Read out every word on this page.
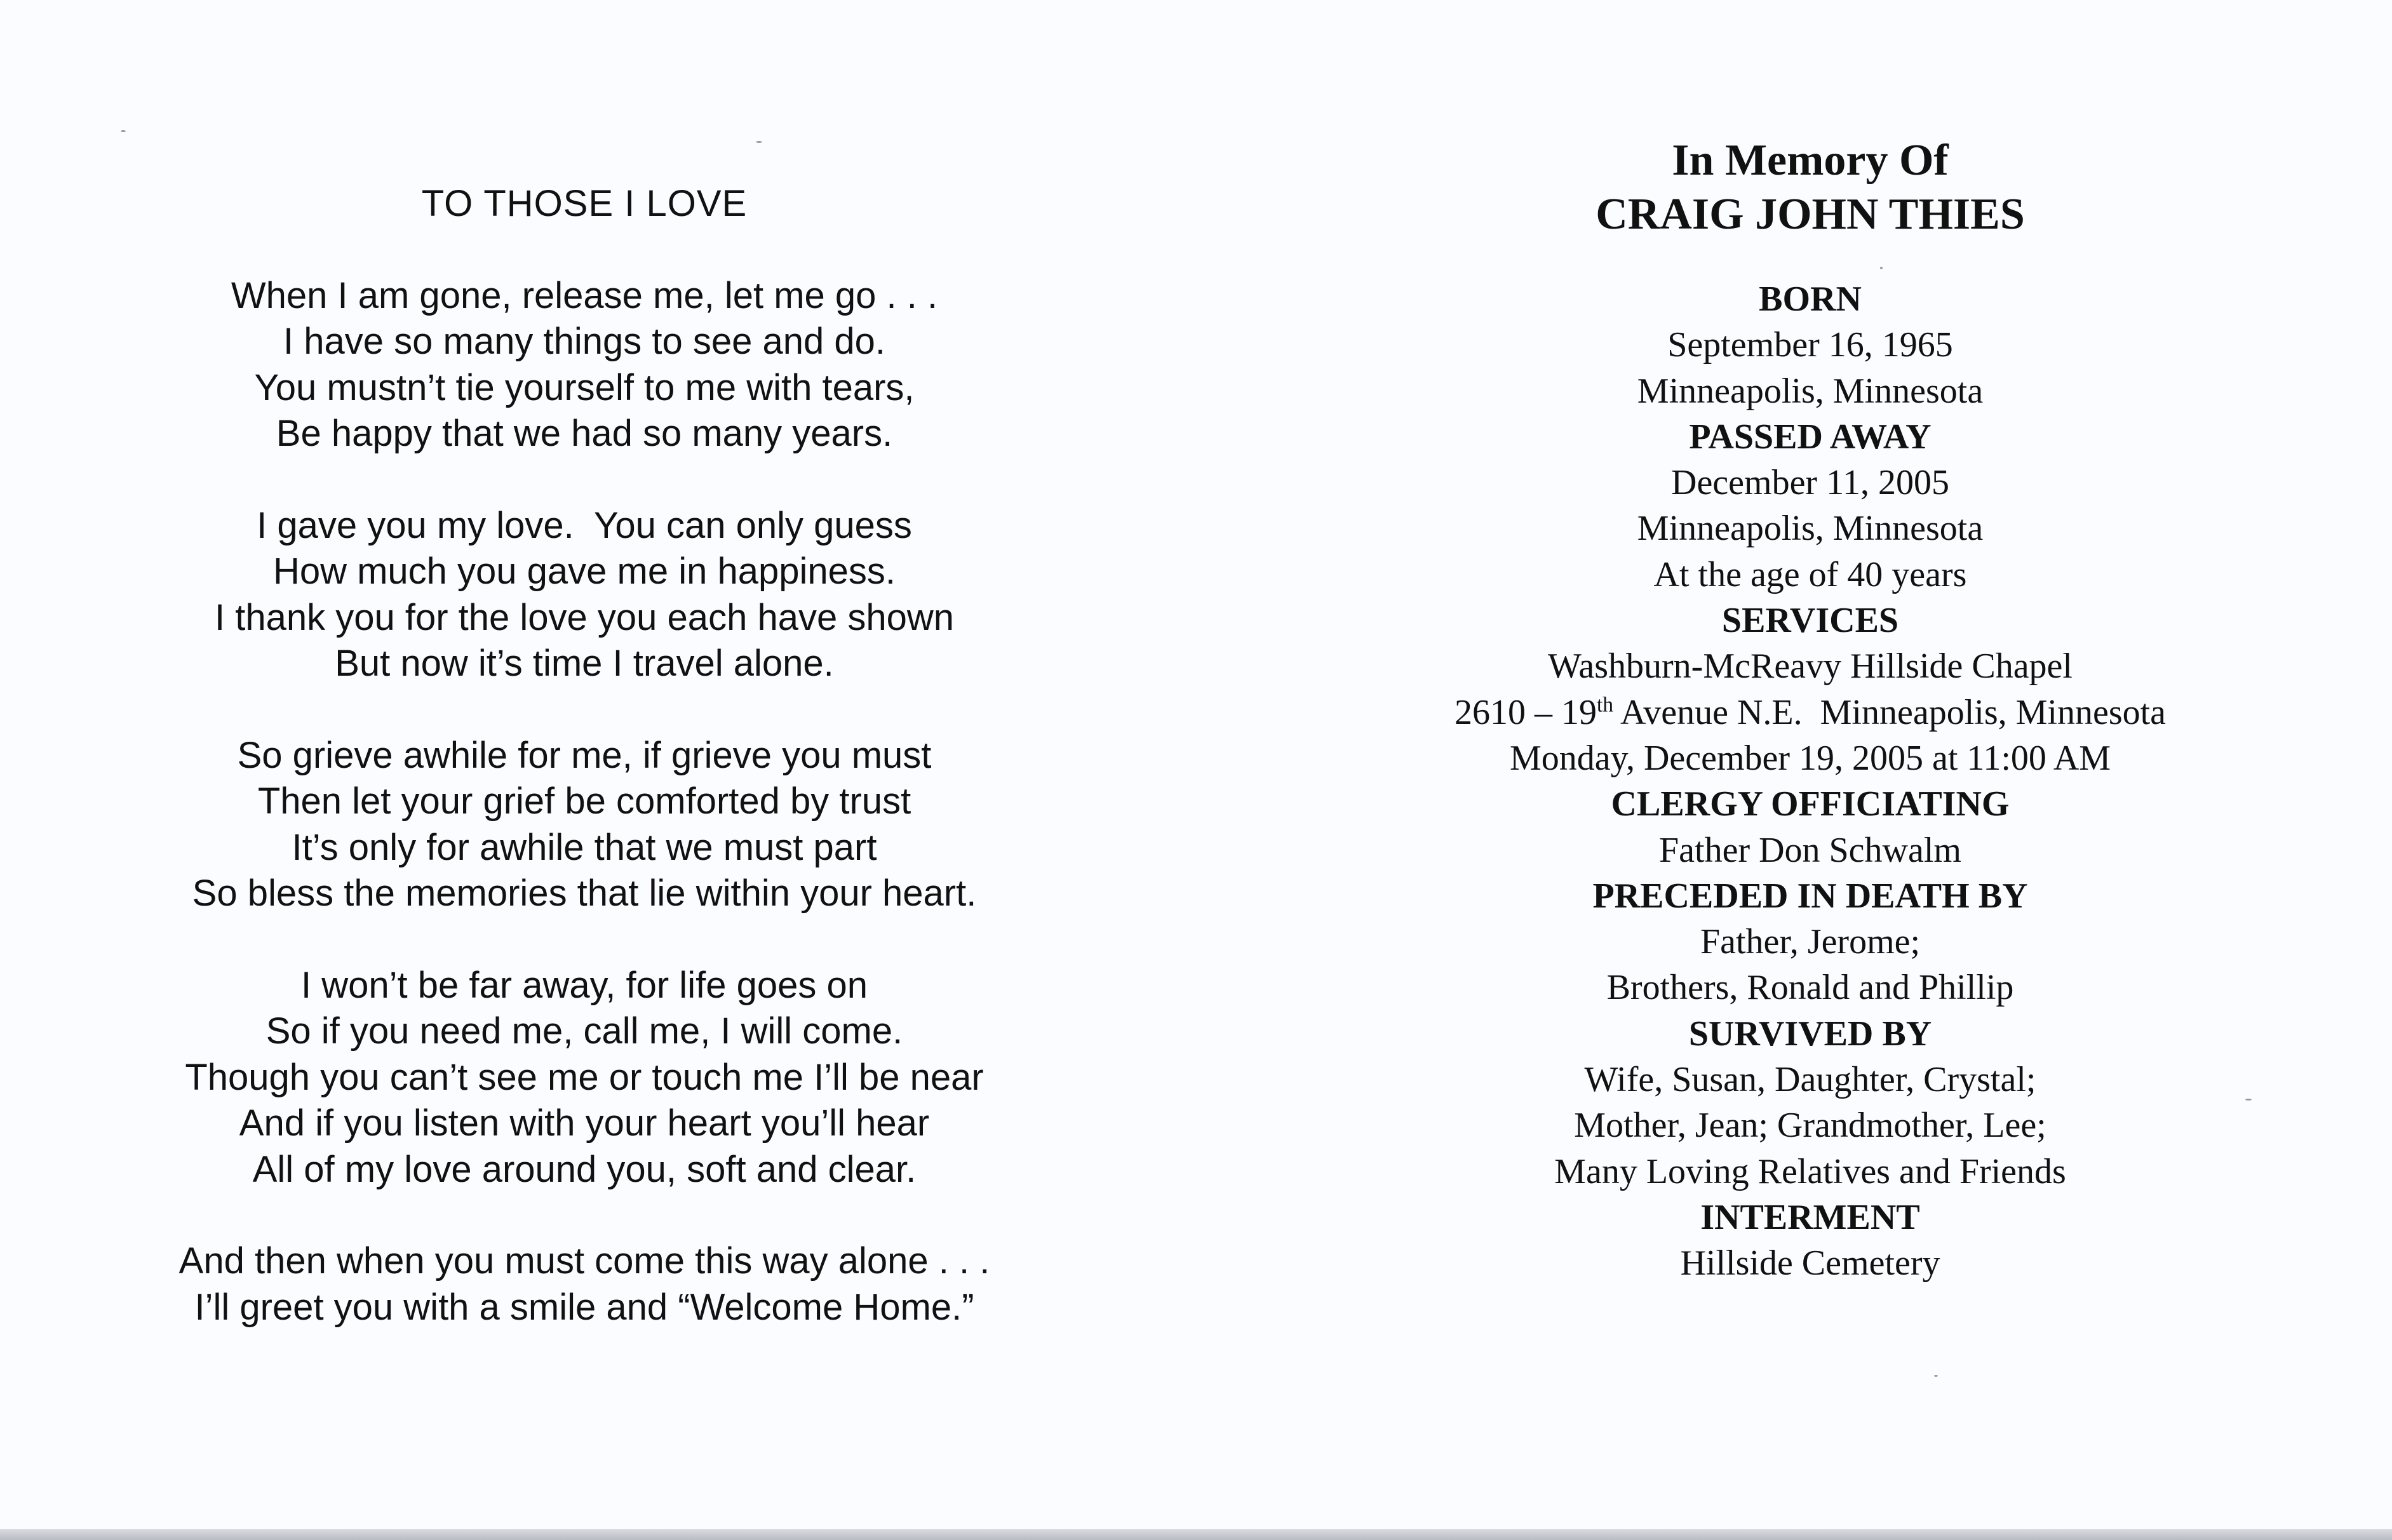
TO THOSE I LOVE
When I am gone, release me, let me go . . .
I have so many things to see and do.
You mustn’t tie yourself to me with tears,
Be happy that we had so many years.
I gave you my love.  You can only guess
How much you gave me in happiness.
I thank you for the love you each have shown
But now it’s time I travel alone.
So grieve awhile for me, if grieve you must
Then let your grief be comforted by trust
It’s only for awhile that we must part
So bless the memories that lie within your heart.
I won’t be far away, for life goes on
So if you need me, call me, I will come.
Though you can’t see me or touch me I’ll be near
And if you listen with your heart you’ll hear
All of my love around you, soft and clear.
And then when you must come this way alone . . .
I’ll greet you with a smile and “Welcome Home.”
In Memory Of
CRAIG JOHN THIES
BORN
September 16, 1965
Minneapolis, Minnesota
PASSED AWAY
December 11, 2005
Minneapolis, Minnesota
At the age of 40 years
SERVICES
Washburn-McReavy Hillside Chapel
2610 – 19th Avenue N.E.  Minneapolis, Minnesota
Monday, December 19, 2005 at 11:00 AM
CLERGY OFFICIATING
Father Don Schwalm
PRECEDED IN DEATH BY
Father, Jerome;
Brothers, Ronald and Phillip
SURVIVED BY
Wife, Susan, Daughter, Crystal;
Mother, Jean; Grandmother, Lee;
Many Loving Relatives and Friends
INTERMENT
Hillside Cemetery
